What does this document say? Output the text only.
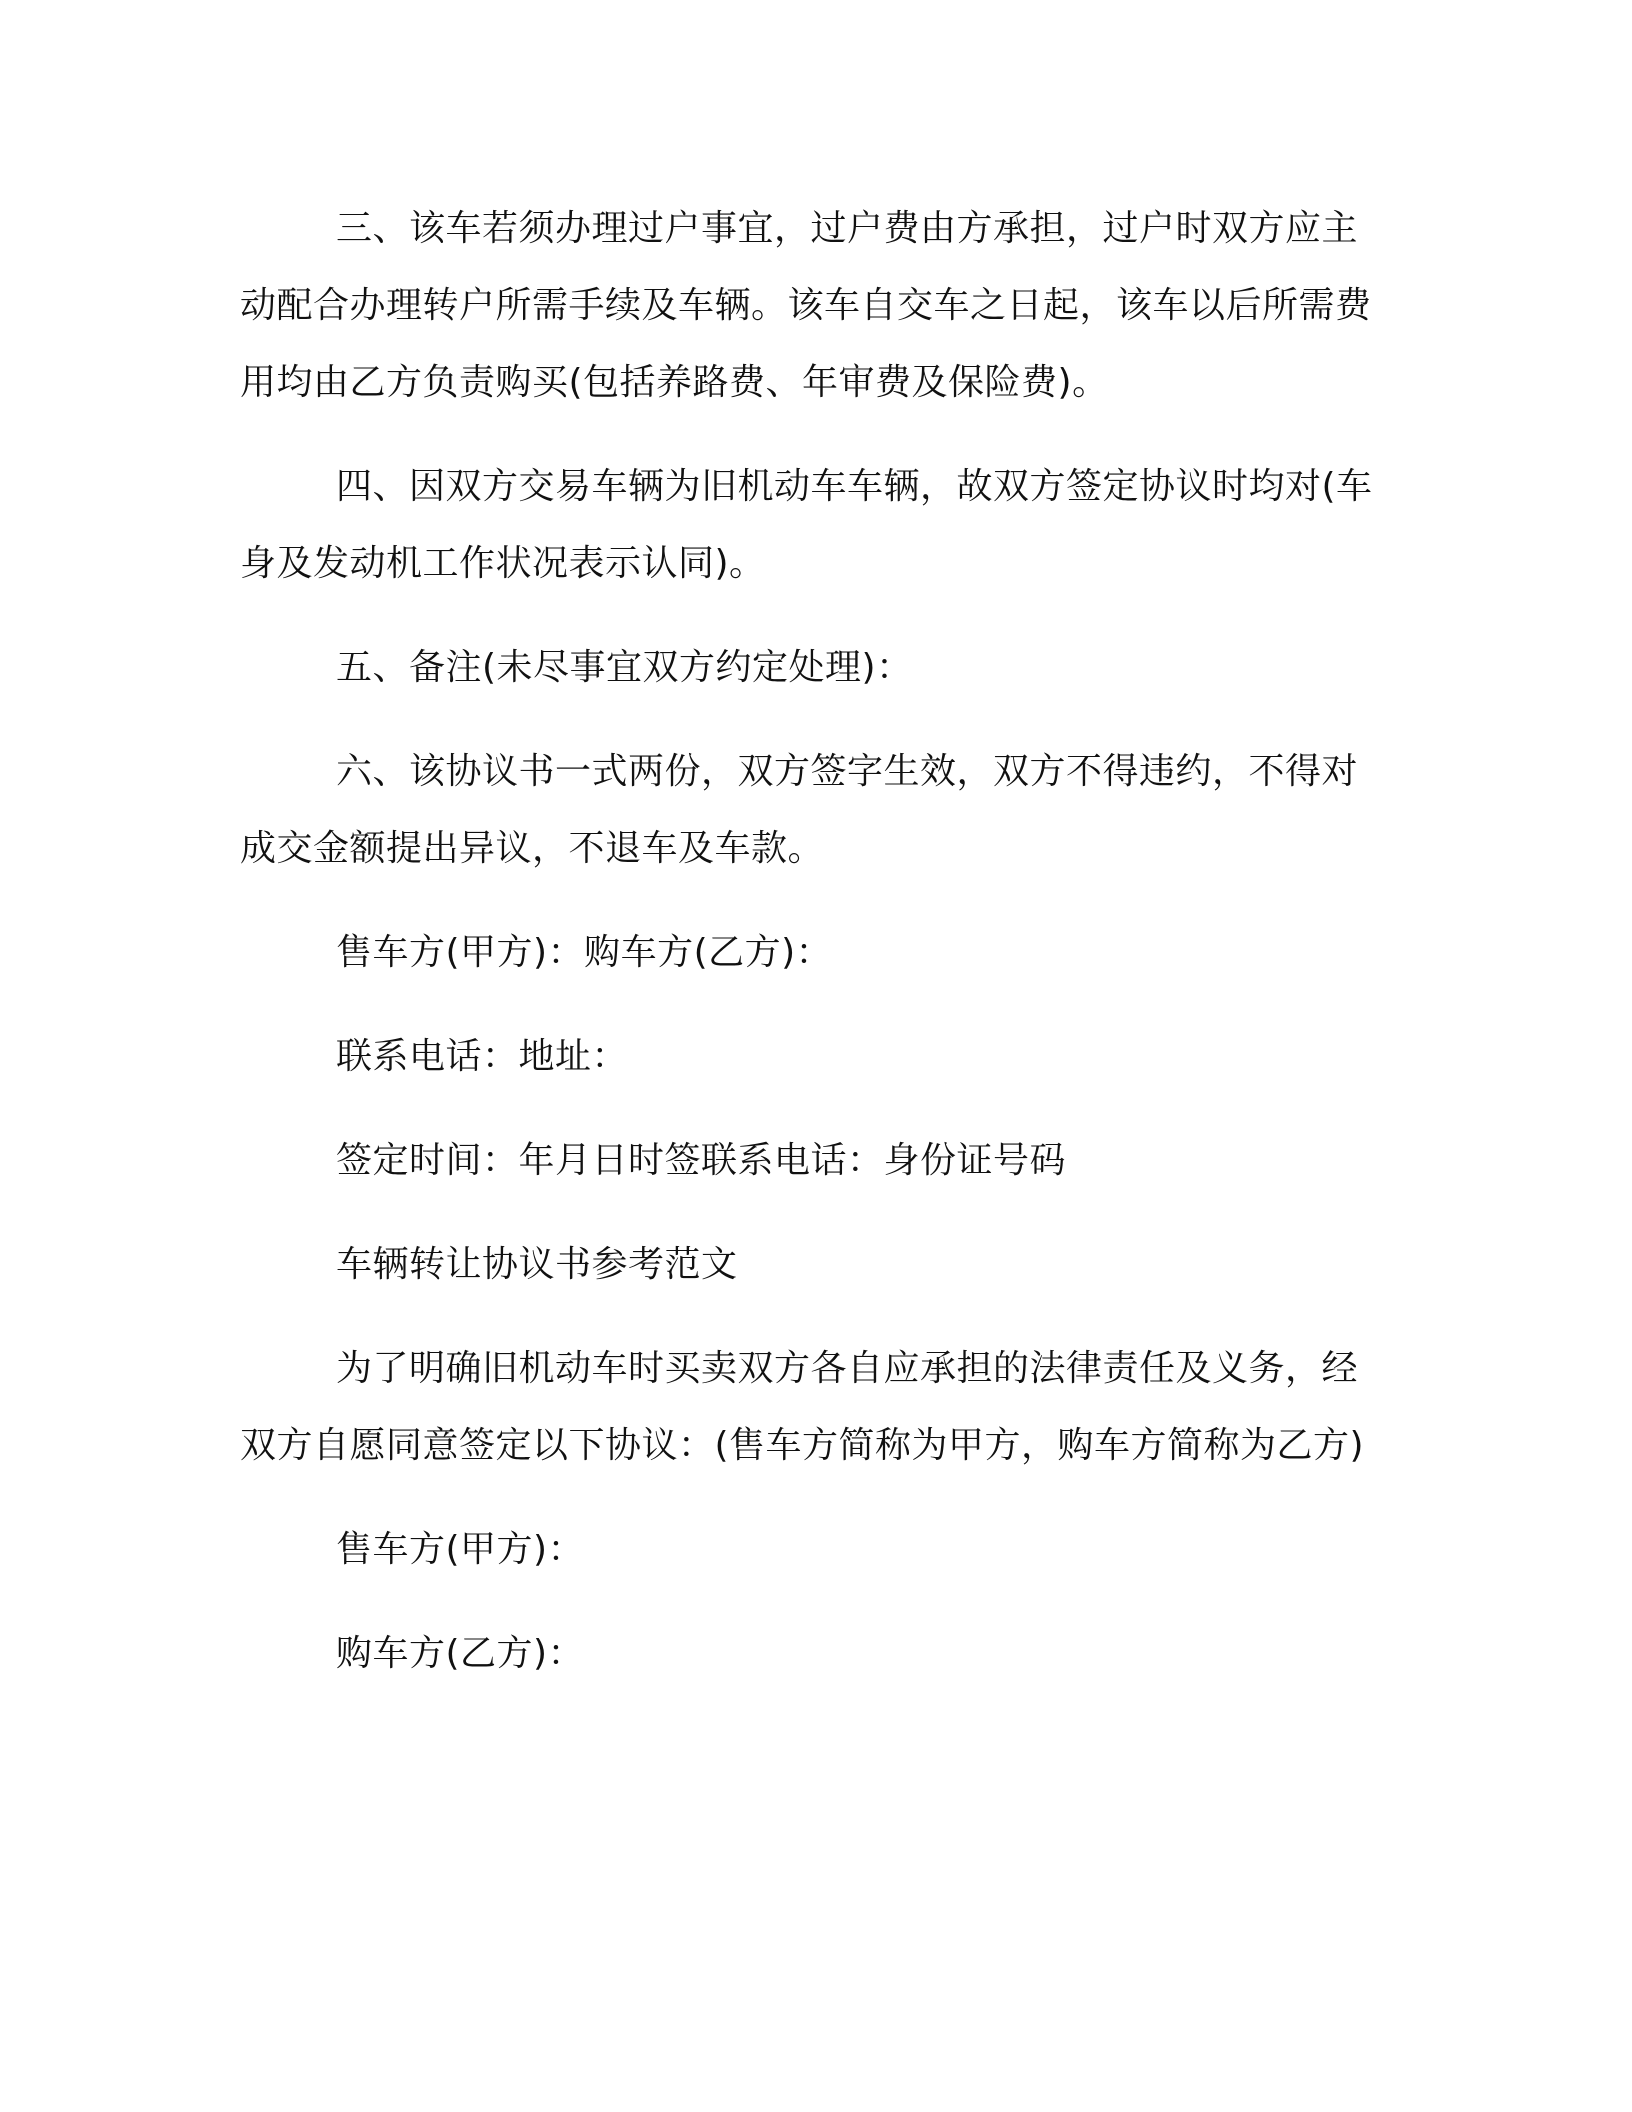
三、该车若须办理过户事宜，过户费由方承担，过户时双方应主动配合办理转户所需手续及车辆。该车自交车之日起，该车以后所需费用均由乙方负责购买(包括养路费、年审费及保险费)。

四、因双方交易车辆为旧机动车车辆，故双方签定协议时均对(车身及发动机工作状况表示认同)。

五、备注(未尽事宜双方约定处理)：

六、该协议书一式两份，双方签字生效，双方不得违约，不得对成交金额提出异议，不退车及车款。

售车方(甲方)：购车方(乙方)：

联系电话：地址：

签定时间：年月日时签联系电话：身份证号码

车辆转让协议书参考范文

为了明确旧机动车时买卖双方各自应承担的法律责任及义务，经双方自愿同意签定以下协议：(售车方简称为甲方，购车方简称为乙方)

售车方(甲方)：

购车方(乙方)：
